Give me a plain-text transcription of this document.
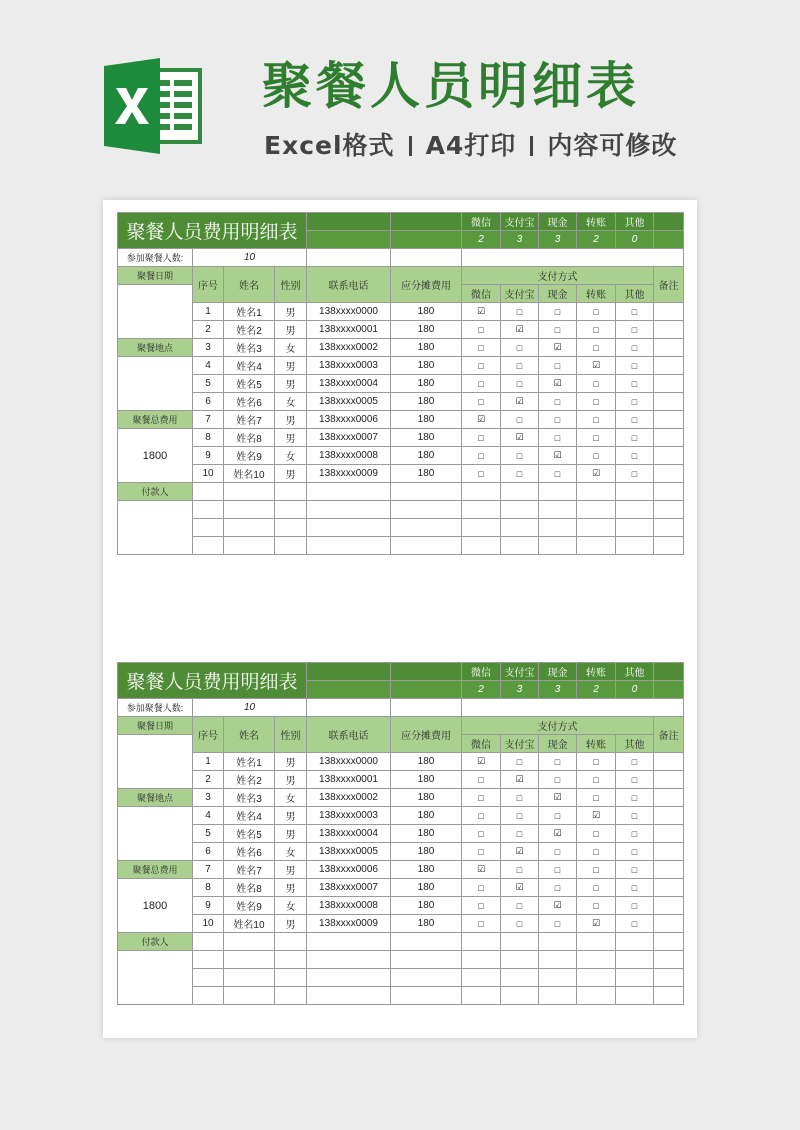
聚餐人员明细表
Excel格式 A4打印 内容可修改
聚餐人员费用明细表						微信	支付宝	现金	转账	其他	
						2	3	3	2	0	
参加聚餐人数:	10										
聚餐日期	序号	姓名	性别	联系电话	应分摊费用	支付方式					备注
						微信	支付宝	现金	转账	其他	
	1	姓名1	男	138xxxx0000	180	☑	□	□	□	□	
	2	姓名2	男	138xxxx0001	180	□	☑	□	□	□	
聚餐地点	3	姓名3	女	138xxxx0002	180	□	□	☑	□	□	
	4	姓名4	男	138xxxx0003	180	□	□	□	☑	□	
	5	姓名5	男	138xxxx0004	180	□	□	☑	□	□	
	6	姓名6	女	138xxxx0005	180	□	☑	□	□	□	
聚餐总费用	7	姓名7	男	138xxxx0006	180	☑	□	□	□	□	
1800	8	姓名8	男	138xxxx0007	180	□	☑	□	□	□	
	9	姓名9	女	138xxxx0008	180	□	□	☑	□	□	
	10	姓名10	男	138xxxx0009	180	□	□	□	☑	□	
付款人											

聚餐人员费用明细表						微信	支付宝	现金	转账	其他	
						2	3	3	2	0	
参加聚餐人数:	10										
聚餐日期	序号	姓名	性别	联系电话	应分摊费用	支付方式					备注
						微信	支付宝	现金	转账	其他	
	1	姓名1	男	138xxxx0000	180	☑	□	□	□	□	
	2	姓名2	男	138xxxx0001	180	□	☑	□	□	□	
聚餐地点	3	姓名3	女	138xxxx0002	180	□	□	☑	□	□	
	4	姓名4	男	138xxxx0003	180	□	□	□	☑	□	
	5	姓名5	男	138xxxx0004	180	□	□	☑	□	□	
	6	姓名6	女	138xxxx0005	180	□	☑	□	□	□	
聚餐总费用	7	姓名7	男	138xxxx0006	180	☑	□	□	□	□	
1800	8	姓名8	男	138xxxx0007	180	□	☑	□	□	□	
	9	姓名9	女	138xxxx0008	180	□	□	☑	□	□	
	10	姓名10	男	138xxxx0009	180	□	□	□	☑	□	
付款人											
